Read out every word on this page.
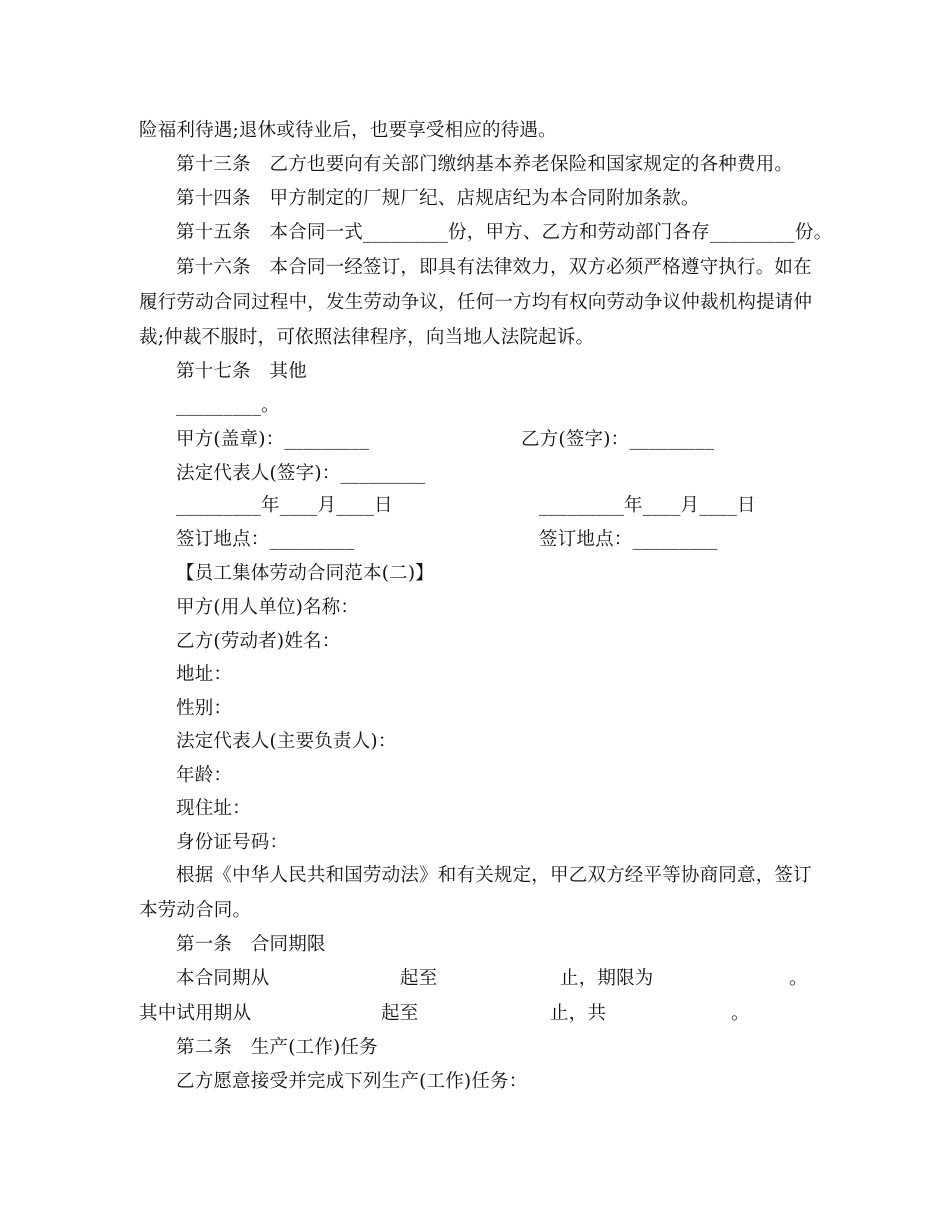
险福利待遇;退休或待业后，也要享受相应的待遇。
第十三条　乙方也要向有关部门缴纳基本养老保险和国家规定的各种费用。
第十四条　甲方制定的厂规厂纪、店规店纪为本合同附加条款。
第十五条　本合同一式_________份，甲方、乙方和劳动部门各存_________份。
第十六条　本合同一经签订，即具有法律效力，双方必须严格遵守执行。如在
履行劳动合同过程中，发生劳动争议，任何一方均有权向劳动争议仲裁机构提请仲
裁;仲裁不服时，可依照法律程序，向当地人法院起诉。
第十七条　其他
_________。
甲方(盖章)：_________	乙方(签字)：_________
法定代表人(签字)：_________
_________年____月____日	_________年____月____日
签订地点：_________	签订地点：_________
【员工集体劳动合同范本(二)】
甲方(用人单位)名称：
乙方(劳动者)姓名：
地址：
性别：
法定代表人(主要负责人)：
年龄：
现住址：
身份证号码：
根据《中华人民共和国劳动法》和有关规定，甲乙双方经平等协商同意，签订
本劳动合同。
第一条　合同期限
本合同期从	起至	止，期限为	。
其中试用期从	起至	止，共	。
第二条　生产(工作)任务
乙方愿意接受并完成下列生产(工作)任务：
